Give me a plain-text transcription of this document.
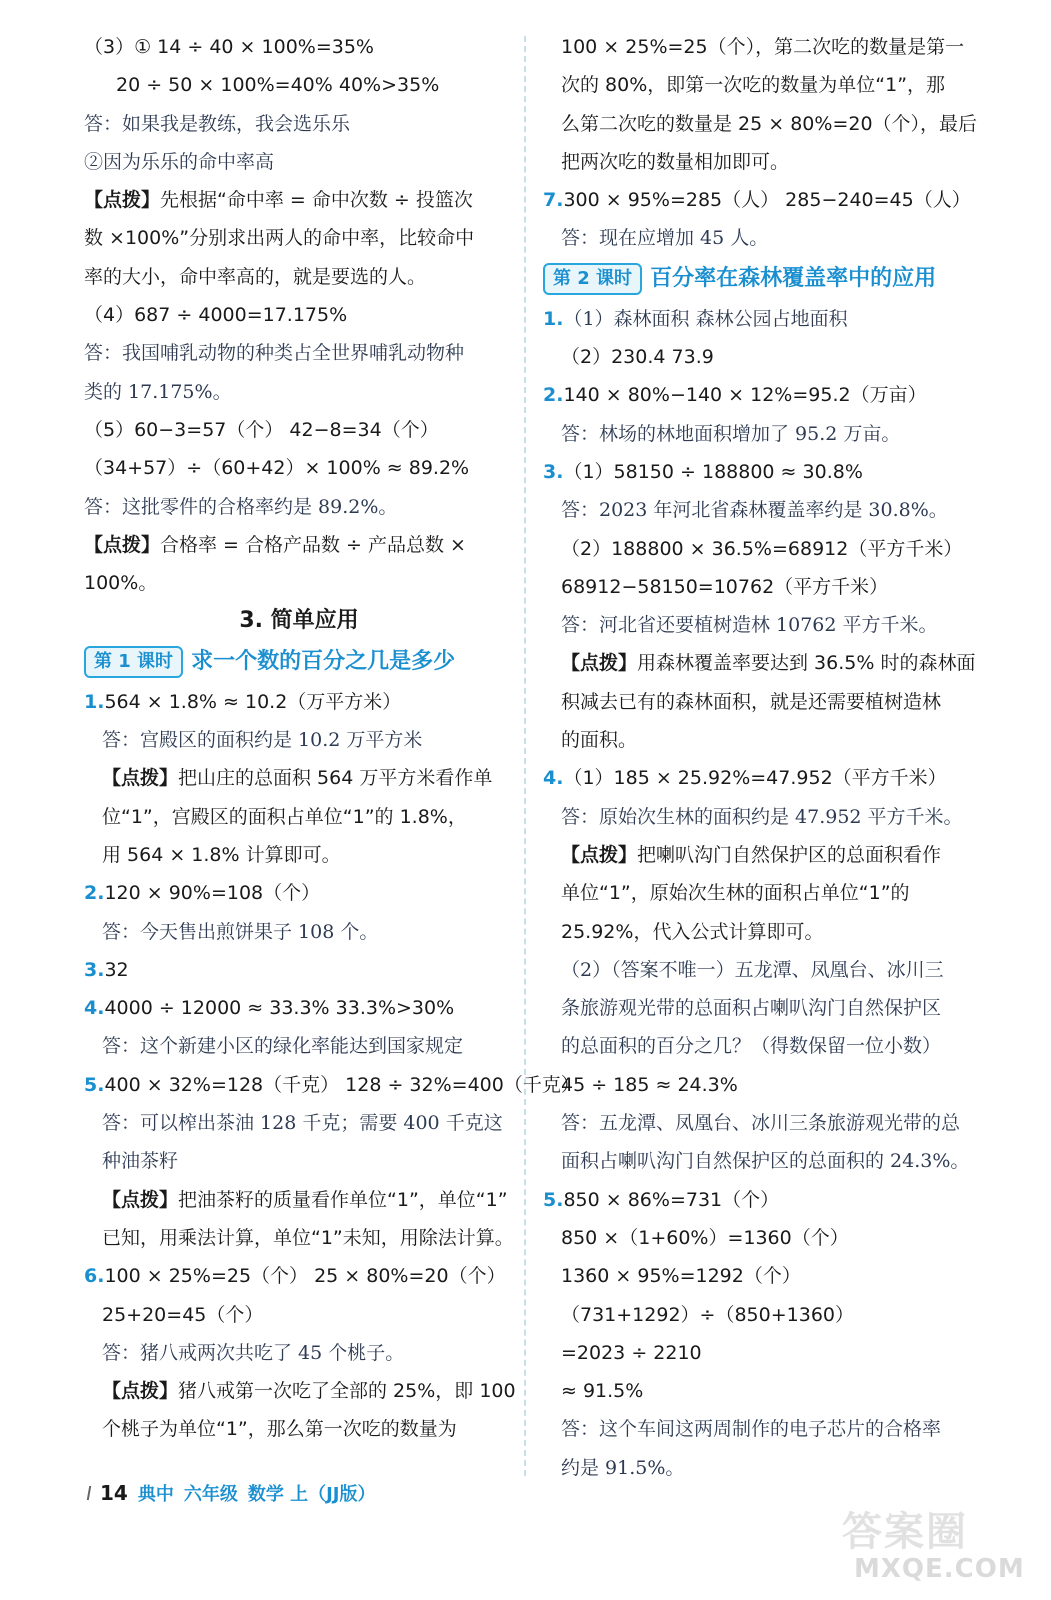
（3）① 14 ÷ 40 × 100%=35%
20 ÷ 50 × 100%=40% 40%>35%
答：如果我是教练，我会选乐乐
②因为乐乐的命中率高
【点拨】先根据“命中率 = 命中次数 ÷ 投篮次
数 ×100%”分别求出两人的命中率，比较命中
率的大小，命中率高的，就是要选的人。
（4）687 ÷ 4000=17.175%
答：我国哺乳动物的种类占全世界哺乳动物种
类的 17.175%。
（5）60−3=57（个） 42−8=34（个）
（34+57）÷（60+42）× 100% ≈ 89.2%
答：这批零件的合格率约是 89.2%。
【点拨】合格率 = 合格产品数 ÷ 产品总数 ×
100%。
3. 简单应用
第 1 课时 求一个数的百分之几是多少
1.564 × 1.8% ≈ 10.2（万平方米）
答：宫殿区的面积约是 10.2 万平方米
【点拨】把山庄的总面积 564 万平方米看作单
位“1”，宫殿区的面积占单位“1”的 1.8%，
用 564 × 1.8% 计算即可。
2.120 × 90%=108（个）
答：今天售出煎饼果子 108 个。
3.32
4.4000 ÷ 12000 ≈ 33.3% 33.3%>30%
答：这个新建小区的绿化率能达到国家规定
5.400 × 32%=128（千克） 128 ÷ 32%=400（千克）
答：可以榨出茶油 128 千克；需要 400 千克这
种油茶籽
【点拨】把油茶籽的质量看作单位“1”，单位“1”
已知，用乘法计算，单位“1”未知，用除法计算。
6.100 × 25%=25（个） 25 × 80%=20（个）
25+20=45（个）
答：猪八戒两次共吃了 45 个桃子。
【点拨】猪八戒第一次吃了全部的 25%，即 100
个桃子为单位“1”，那么第一次吃的数量为
100 × 25%=25（个），第二次吃的数量是第一
次的 80%，即第一次吃的数量为单位“1”，那
么第二次吃的数量是 25 × 80%=20（个），最后
把两次吃的数量相加即可。
7.300 × 95%=285（人） 285−240=45（人）
答：现在应增加 45 人。
第 2 课时 百分率在森林覆盖率中的应用
1.（1）森林面积 森林公园占地面积
（2）230.4 73.9
2.140 × 80%−140 × 12%=95.2（万亩）
答：林场的林地面积增加了 95.2 万亩。
3.（1）58150 ÷ 188800 ≈ 30.8%
答：2023 年河北省森林覆盖率约是 30.8%。
（2）188800 × 36.5%=68912（平方千米）
68912−58150=10762（平方千米）
答：河北省还要植树造林 10762 平方千米。
【点拨】用森林覆盖率要达到 36.5% 时的森林面
积减去已有的森林面积，就是还需要植树造林
的面积。
4.（1）185 × 25.92%=47.952（平方千米）
答：原始次生林的面积约是 47.952 平方千米。
【点拨】把喇叭沟门自然保护区的总面积看作
单位“1”，原始次生林的面积占单位“1”的
25.92%，代入公式计算即可。
（2）（答案不唯一）五龙潭、凤凰台、冰川三
条旅游观光带的总面积占喇叭沟门自然保护区
的总面积的百分之几？（得数保留一位小数）
45 ÷ 185 ≈ 24.3%
答：五龙潭、凤凰台、冰川三条旅游观光带的总
面积占喇叭沟门自然保护区的总面积的 24.3%。
5.850 × 86%=731（个）
850 ×（1+60%）=1360（个）
1360 × 95%=1292（个）
（731+1292）÷（850+1360）
=2023 ÷ 2210
≈ 91.5%
答：这个车间这两周制作的电子芯片的合格率
约是 91.5%。
14 典中 六年级 数学 上（JJ版）
答案圈
MXQE.COM
